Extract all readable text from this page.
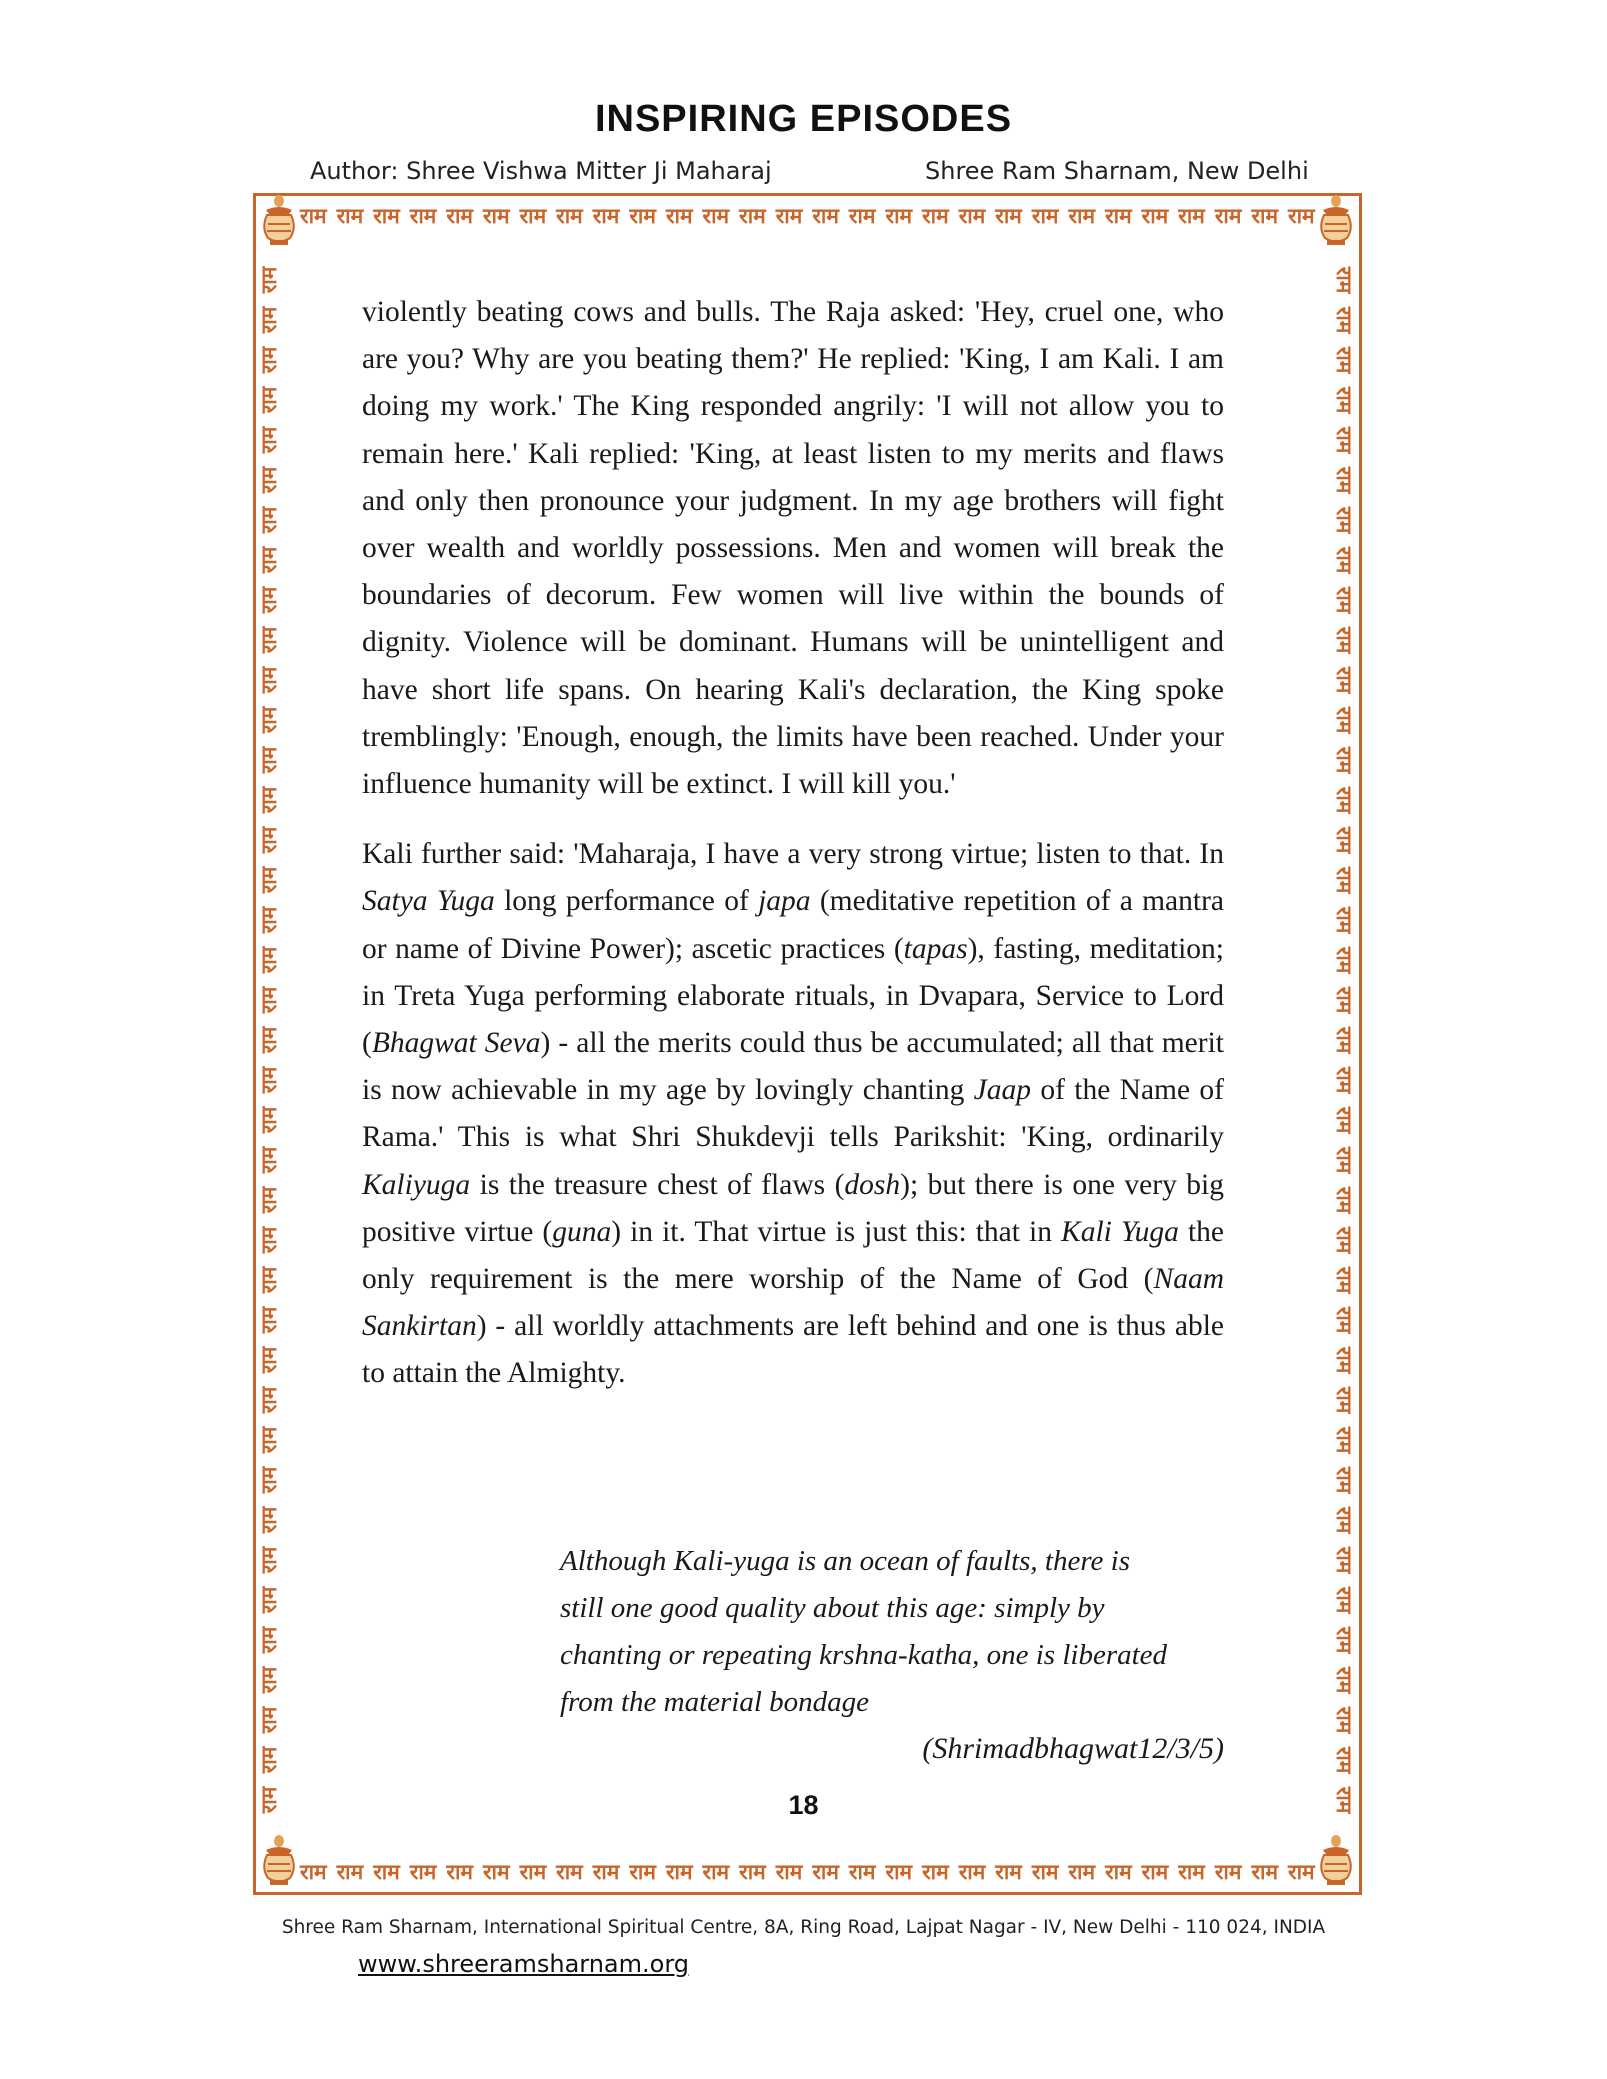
INSPIRING EPISODES
Author: Shree Vishwa Mitter Ji Maharaj	Shree Ram Sharnam, New Delhi
राम राम राम राम राम राम राम राम राम राम राम राम राम राम राम राम राम राम राम राम राम राम राम राम राम राम राम राम
राम राम राम राम राम राम राम राम राम राम राम राम राम राम राम राम राम राम राम राम राम राम राम राम राम राम राम राम
राम
राम
राम
राम
राम
राम
राम
राम
राम
राम
राम
राम
राम
राम
राम
राम
राम
राम
राम
राम
राम
राम
राम
राम
राम
राम
राम
राम
राम
राम
राम
राम
राम
राम
राम
राम
राम
राम
राम
राम
राम
राम
राम
राम
राम
राम
राम
राम
राम
राम
राम
राम
राम
राम
राम
राम
राम
राम
राम
राम
राम
राम
राम
राम
राम
राम
राम
राम
राम
राम
राम
राम
राम
राम
राम
राम
राम
राम

violently beating cows and bulls. The Raja asked: 'Hey, cruel one, who are you? Why are you beating them?' He replied: 'King, I am Kali. I am doing my work.' The King responded angrily: 'I will not allow you to remain here.' Kali replied: 'King, at least listen to my merits and flaws and only then pronounce your judgment. In my age brothers will fight over wealth and worldly possessions. Men and women will break the boundaries of decorum. Few women will live within the bounds of dignity. Violence will be dominant. Humans will be unintelligent and have short life spans. On hearing Kali's declaration, the King spoke tremblingly: 'Enough, enough, the limits have been reached. Under your influence humanity will be extinct. I will kill you.'

Kali further said: 'Maharaja, I have a very strong virtue; listen to that. In Satya Yuga long performance of japa (meditative repetition of a mantra or name of Divine Power); ascetic practices (tapas), fasting, meditation; in Treta Yuga performing elaborate rituals, in Dvapara, Service to Lord (Bhagwat Seva) - all the merits could thus be accumulated; all that merit is now achievable in my age by lovingly chanting Jaap of the Name of Rama.' This is what Shri Shukdevji tells Parikshit: 'King, ordinarily Kaliyuga is the treasure chest of flaws (dosh); but there is one very big positive virtue (guna) in it. That virtue is just this: that in Kali Yuga the only requirement is the mere worship of the Name of God (Naam Sankirtan) - all worldly attachments are left behind and one is thus able to attain the Almighty.

Although Kali-yuga is an ocean of faults, there is
still one good quality about this age: simply by
chanting or repeating krshna-katha, one is liberated
from the material bondage
(Shrimadbhagwat12/3/5)
18
Shree Ram Sharnam, International Spiritual Centre, 8A, Ring Road, Lajpat Nagar - IV, New Delhi - 110 024, INDIA
www.shreeramsharnam.org
